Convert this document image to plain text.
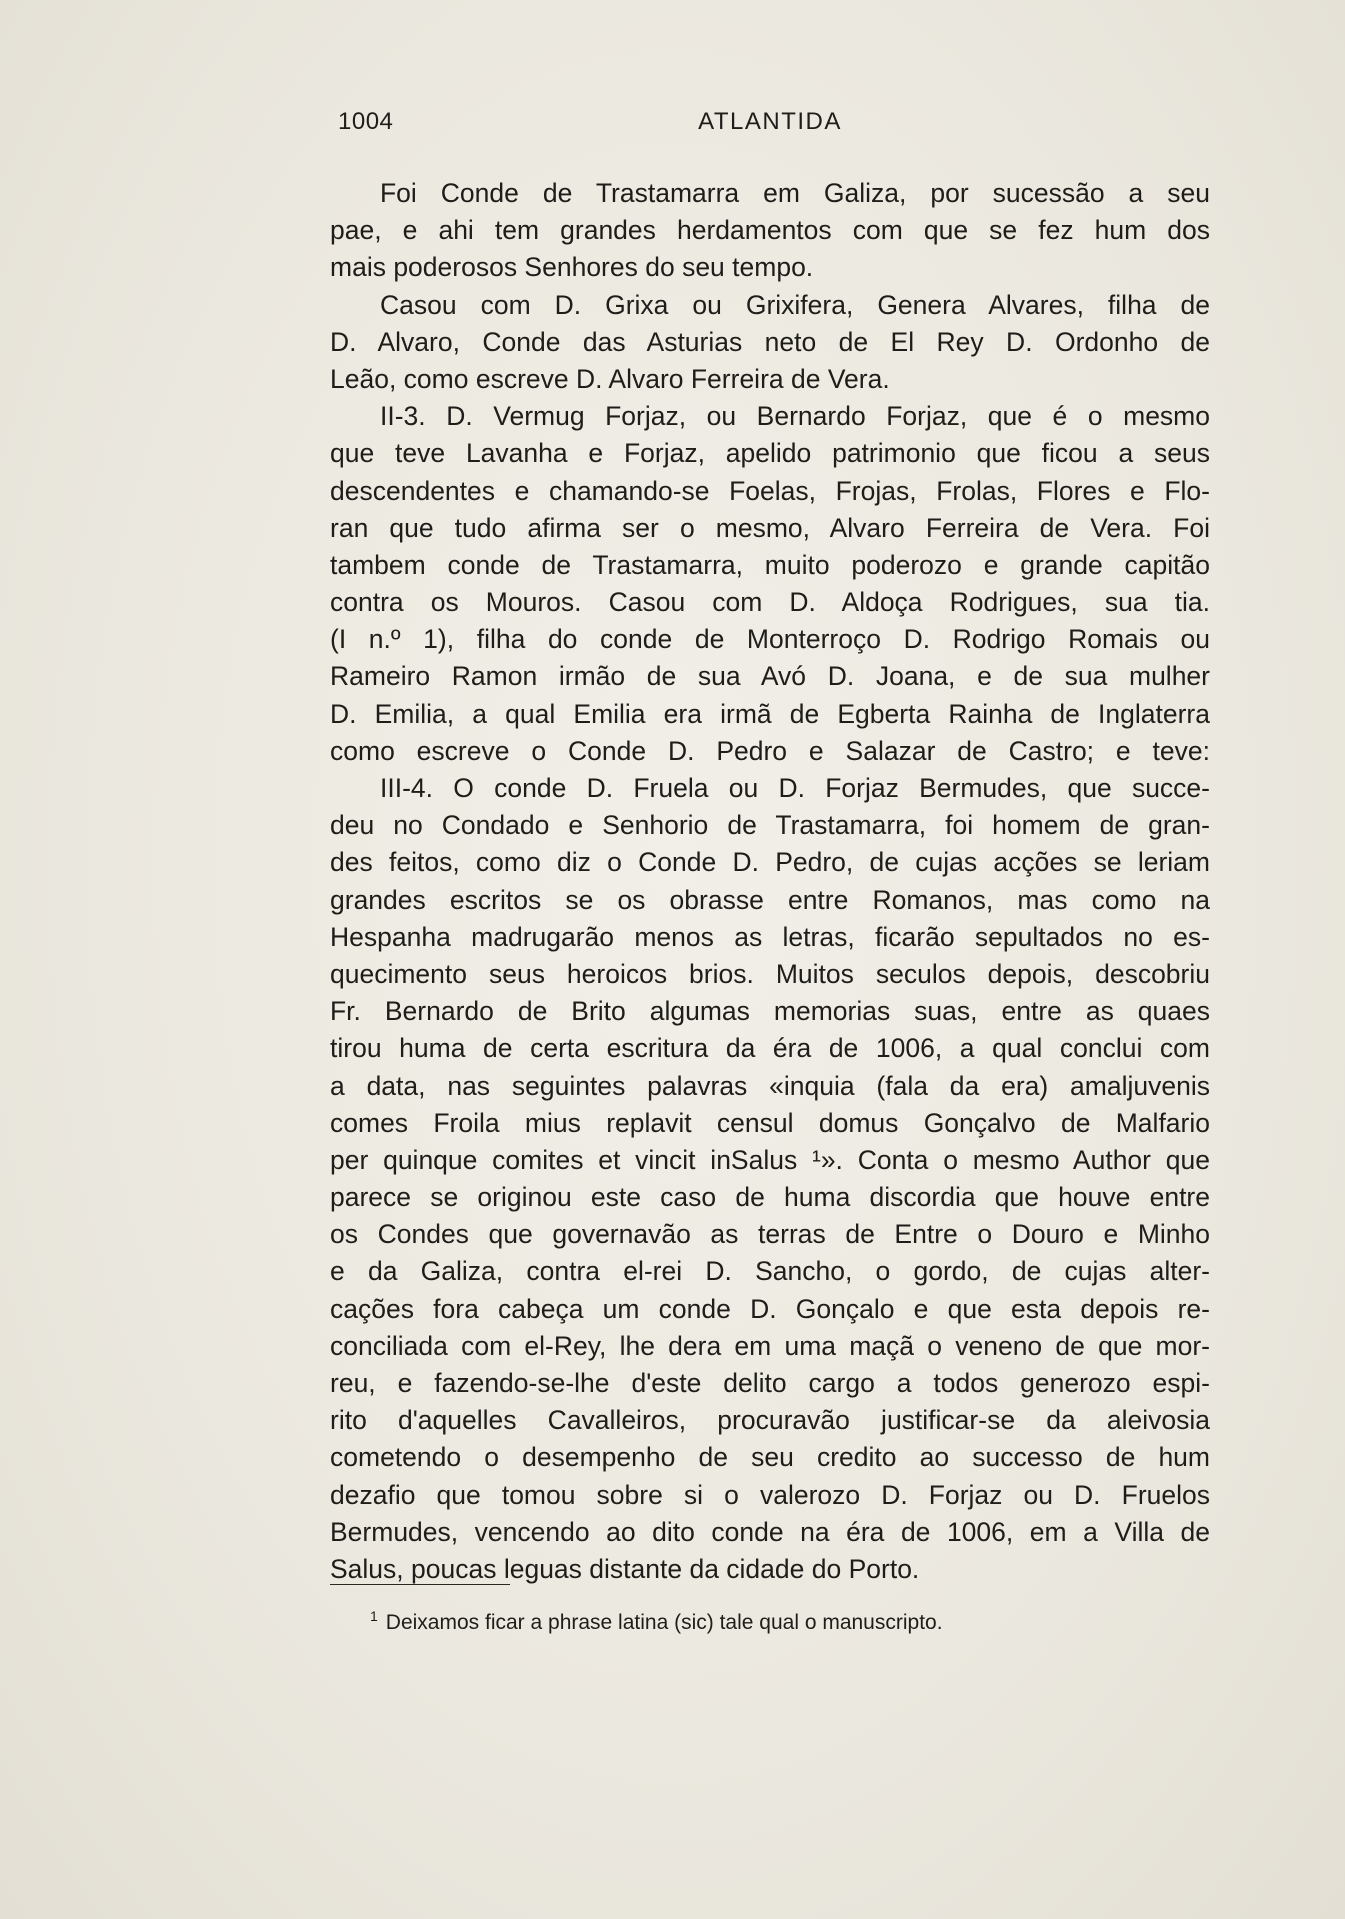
1004	ATLANTIDA
Foi Conde de Trastamarra em Galiza, por sucessão a seu
pae, e ahi tem grandes herdamentos com que se fez hum dos
mais poderosos Senhores do seu tempo.
Casou com D. Grixa ou Grixifera, Genera Alvares, filha de
D. Alvaro, Conde das Asturias neto de El Rey D. Ordonho de
Leão, como escreve D. Alvaro Ferreira de Vera.
II-3. D. Vermug Forjaz, ou Bernardo Forjaz, que é o mesmo
que teve Lavanha e Forjaz, apelido patrimonio que ficou a seus
descendentes e chamando-se Foelas, Frojas, Frolas, Flores e Flo-
ran que tudo afirma ser o mesmo, Alvaro Ferreira de Vera. Foi
tambem conde de Trastamarra, muito poderozo e grande capitão
contra os Mouros. Casou com D. Aldoça Rodrigues, sua tia.
(I n.º 1), filha do conde de Monterroço D. Rodrigo Romais ou
Rameiro Ramon irmão de sua Avó D. Joana, e de sua mulher
D. Emilia, a qual Emilia era irmã de Egberta Rainha de Inglaterra
como escreve o Conde D. Pedro e Salazar de Castro; e teve:
III-4. O conde D. Fruela ou D. Forjaz Bermudes, que succe-
deu no Condado e Senhorio de Trastamarra, foi homem de gran-
des feitos, como diz o Conde D. Pedro, de cujas acções se leriam
grandes escritos se os obrasse entre Romanos, mas como na
Hespanha madrugarão menos as letras, ficarão sepultados no es-
quecimento seus heroicos brios. Muitos seculos depois, descobriu
Fr. Bernardo de Brito algumas memorias suas, entre as quaes
tirou huma de certa escritura da éra de 1006, a qual conclui com
a data, nas seguintes palavras «inquia (fala da era) amaljuvenis
comes Froila mius replavit censul domus Gonçalvo de Malfario
per quinque comites et vincit inSalus ¹». Conta o mesmo Author que
parece se originou este caso de huma discordia que houve entre
os Condes que governavão as terras de Entre o Douro e Minho
e da Galiza, contra el-rei D. Sancho, o gordo, de cujas alter-
cações fora cabeça um conde D. Gonçalo e que esta depois re-
conciliada com el-Rey, lhe dera em uma maçã o veneno de que mor-
reu, e fazendo-se-lhe d'este delito cargo a todos generozo espi-
rito d'aquelles Cavalleiros, procuravão justificar-se da aleivosia
cometendo o desempenho de seu credito ao successo de hum
dezafio que tomou sobre si o valerozo D. Forjaz ou D. Fruelos
Bermudes, vencendo ao dito conde na éra de 1006, em a Villa de
Salus, poucas leguas distante da cidade do Porto.
$^1$ Deixamos ficar a phrase latina (sic) tale qual o manuscripto.
